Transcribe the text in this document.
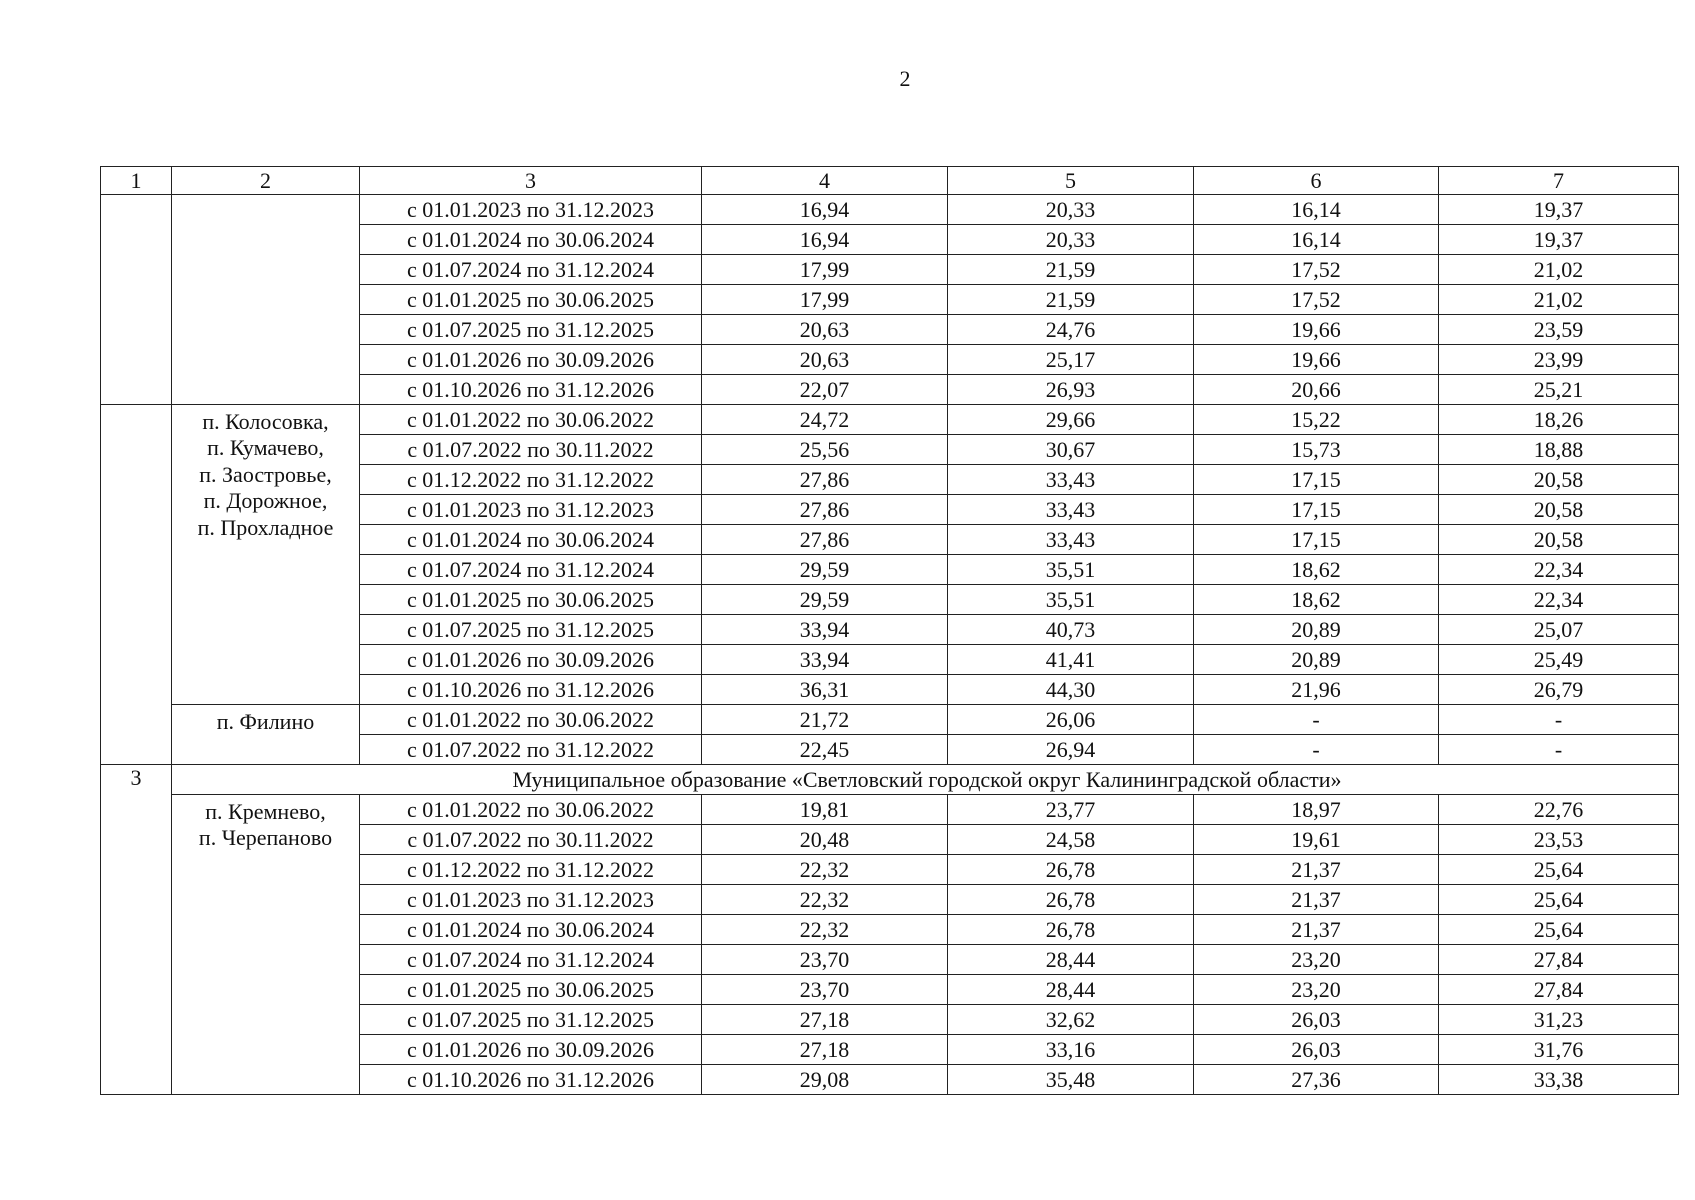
2
1	2	3	4	5	6	7
		с 01.01.2023 по 31.12.2023	16,94	20,33	16,14	19,37
		с 01.01.2024 по 30.06.2024	16,94	20,33	16,14	19,37
		с 01.07.2024 по 31.12.2024	17,99	21,59	17,52	21,02
		с 01.01.2025 по 30.06.2025	17,99	21,59	17,52	21,02
		с 01.07.2025 по 31.12.2025	20,63	24,76	19,66	23,59
		с 01.01.2026 по 30.09.2026	20,63	25,17	19,66	23,99
		с 01.10.2026 по 31.12.2026	22,07	26,93	20,66	25,21

	п. Колосовка,
п. Кумачево,
п. Заостровье,
п. Дорожное,
п. Прохладное	с 01.01.2022 по 30.06.2022	24,72	29,66	15,22	18,26
		с 01.07.2022 по 30.11.2022	25,56	30,67	15,73	18,88
		с 01.12.2022 по 31.12.2022	27,86	33,43	17,15	20,58
		с 01.01.2023 по 31.12.2023	27,86	33,43	17,15	20,58
		с 01.01.2024 по 30.06.2024	27,86	33,43	17,15	20,58
		с 01.07.2024 по 31.12.2024	29,59	35,51	18,62	22,34
		с 01.01.2025 по 30.06.2025	29,59	35,51	18,62	22,34
		с 01.07.2025 по 31.12.2025	33,94	40,73	20,89	25,07
		с 01.01.2026 по 30.09.2026	33,94	41,41	20,89	25,49
		с 01.10.2026 по 31.12.2026	36,31	44,30	21,96	26,79
	п. Филино	с 01.01.2022 по 30.06.2022	21,72	26,06	-	-
		с 01.07.2022 по 31.12.2022	22,45	26,94	-	-
3	Муниципальное образование «Светловский городской округ Калининградской области»					

	п. Кремнево,
п. Черепаново	с 01.01.2022 по 30.06.2022	19,81	23,77	18,97	22,76
		с 01.07.2022 по 30.11.2022	20,48	24,58	19,61	23,53
		с 01.12.2022 по 31.12.2022	22,32	26,78	21,37	25,64
		с 01.01.2023 по 31.12.2023	22,32	26,78	21,37	25,64
		с 01.01.2024 по 30.06.2024	22,32	26,78	21,37	25,64
		с 01.07.2024 по 31.12.2024	23,70	28,44	23,20	27,84
		с 01.01.2025 по 30.06.2025	23,70	28,44	23,20	27,84
		с 01.07.2025 по 31.12.2025	27,18	32,62	26,03	31,23
		с 01.01.2026 по 30.09.2026	27,18	33,16	26,03	31,76
		с 01.10.2026 по 31.12.2026	29,08	35,48	27,36	33,38
